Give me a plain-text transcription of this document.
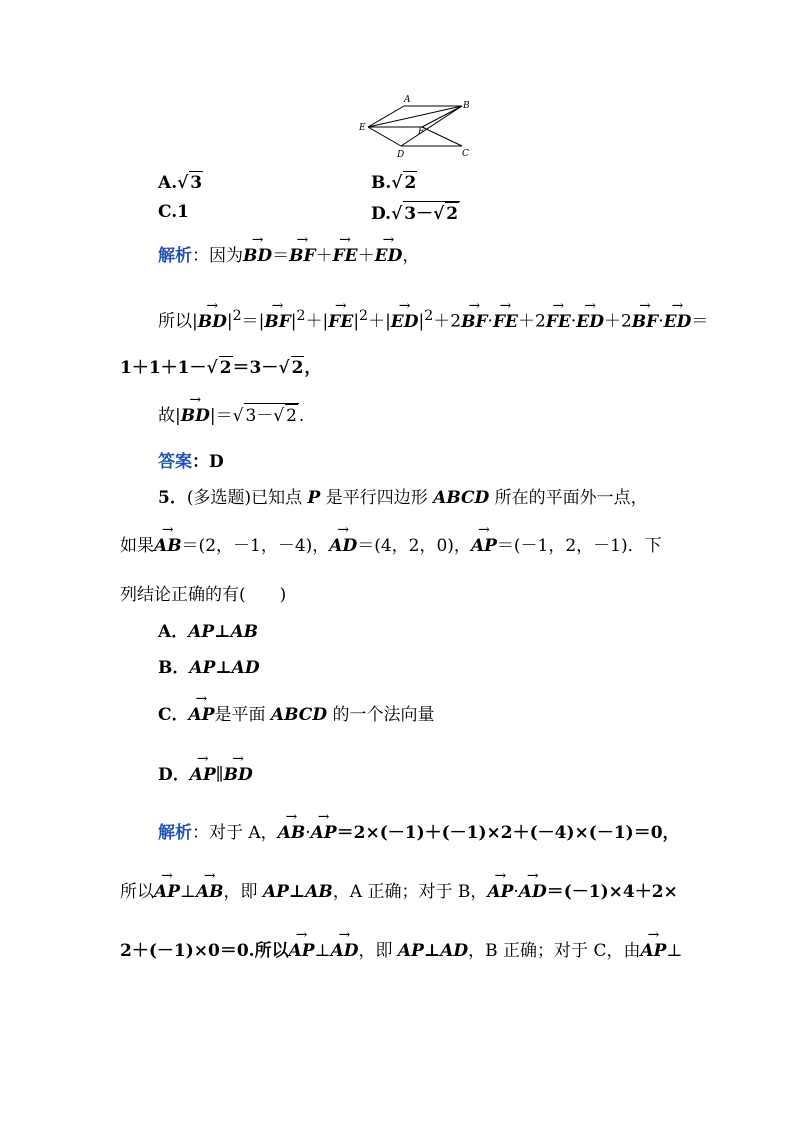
A
B
E	F
D	C
A.√ 3	B.√ 2
C.1	D.√ 3－√ 2
解析：因为→ BD＝→ BF＋→ FE＋→ ED，
所以|→ $BD|^2=|\to BF|^2+|\to FE|^2+|\to ED|^2+2\to BF\cdot\to FE+2\to FE\cdot\to ED+2\to BF\cdot\to ED=$
1＋1＋1－√ 2＝3－√ 2，
故|→ BD|＝√ 3－√ 2 .
答案：D
5．(多选题)已知点 P 是平行四边形 ABCD 所在的平面外一点，
如果→ AB＝(2，－1，－4)，→ AD＝(4，2，0)，→ AP＝(－1，2，－1)．下
列结论正确的有(　　)
A．AP⊥AB
B．AP⊥AD
C．→ AP是平面 ABCD 的一个法向量
D．→ AP∥→ BD
解析：对于 A，→ AB·→ AP＝2×(－1)＋(－1)×2＋(－4)×(－1)＝0，
所以→ AP⊥→ AB，即 AP⊥AB，A 正确；对于 B，→ AP·→ AD＝(－1)×4＋2×
2＋(－1)×0＝0.所以→ AP⊥→ AD，即 AP⊥AD，B 正确；对于 C，由→ AP⊥
